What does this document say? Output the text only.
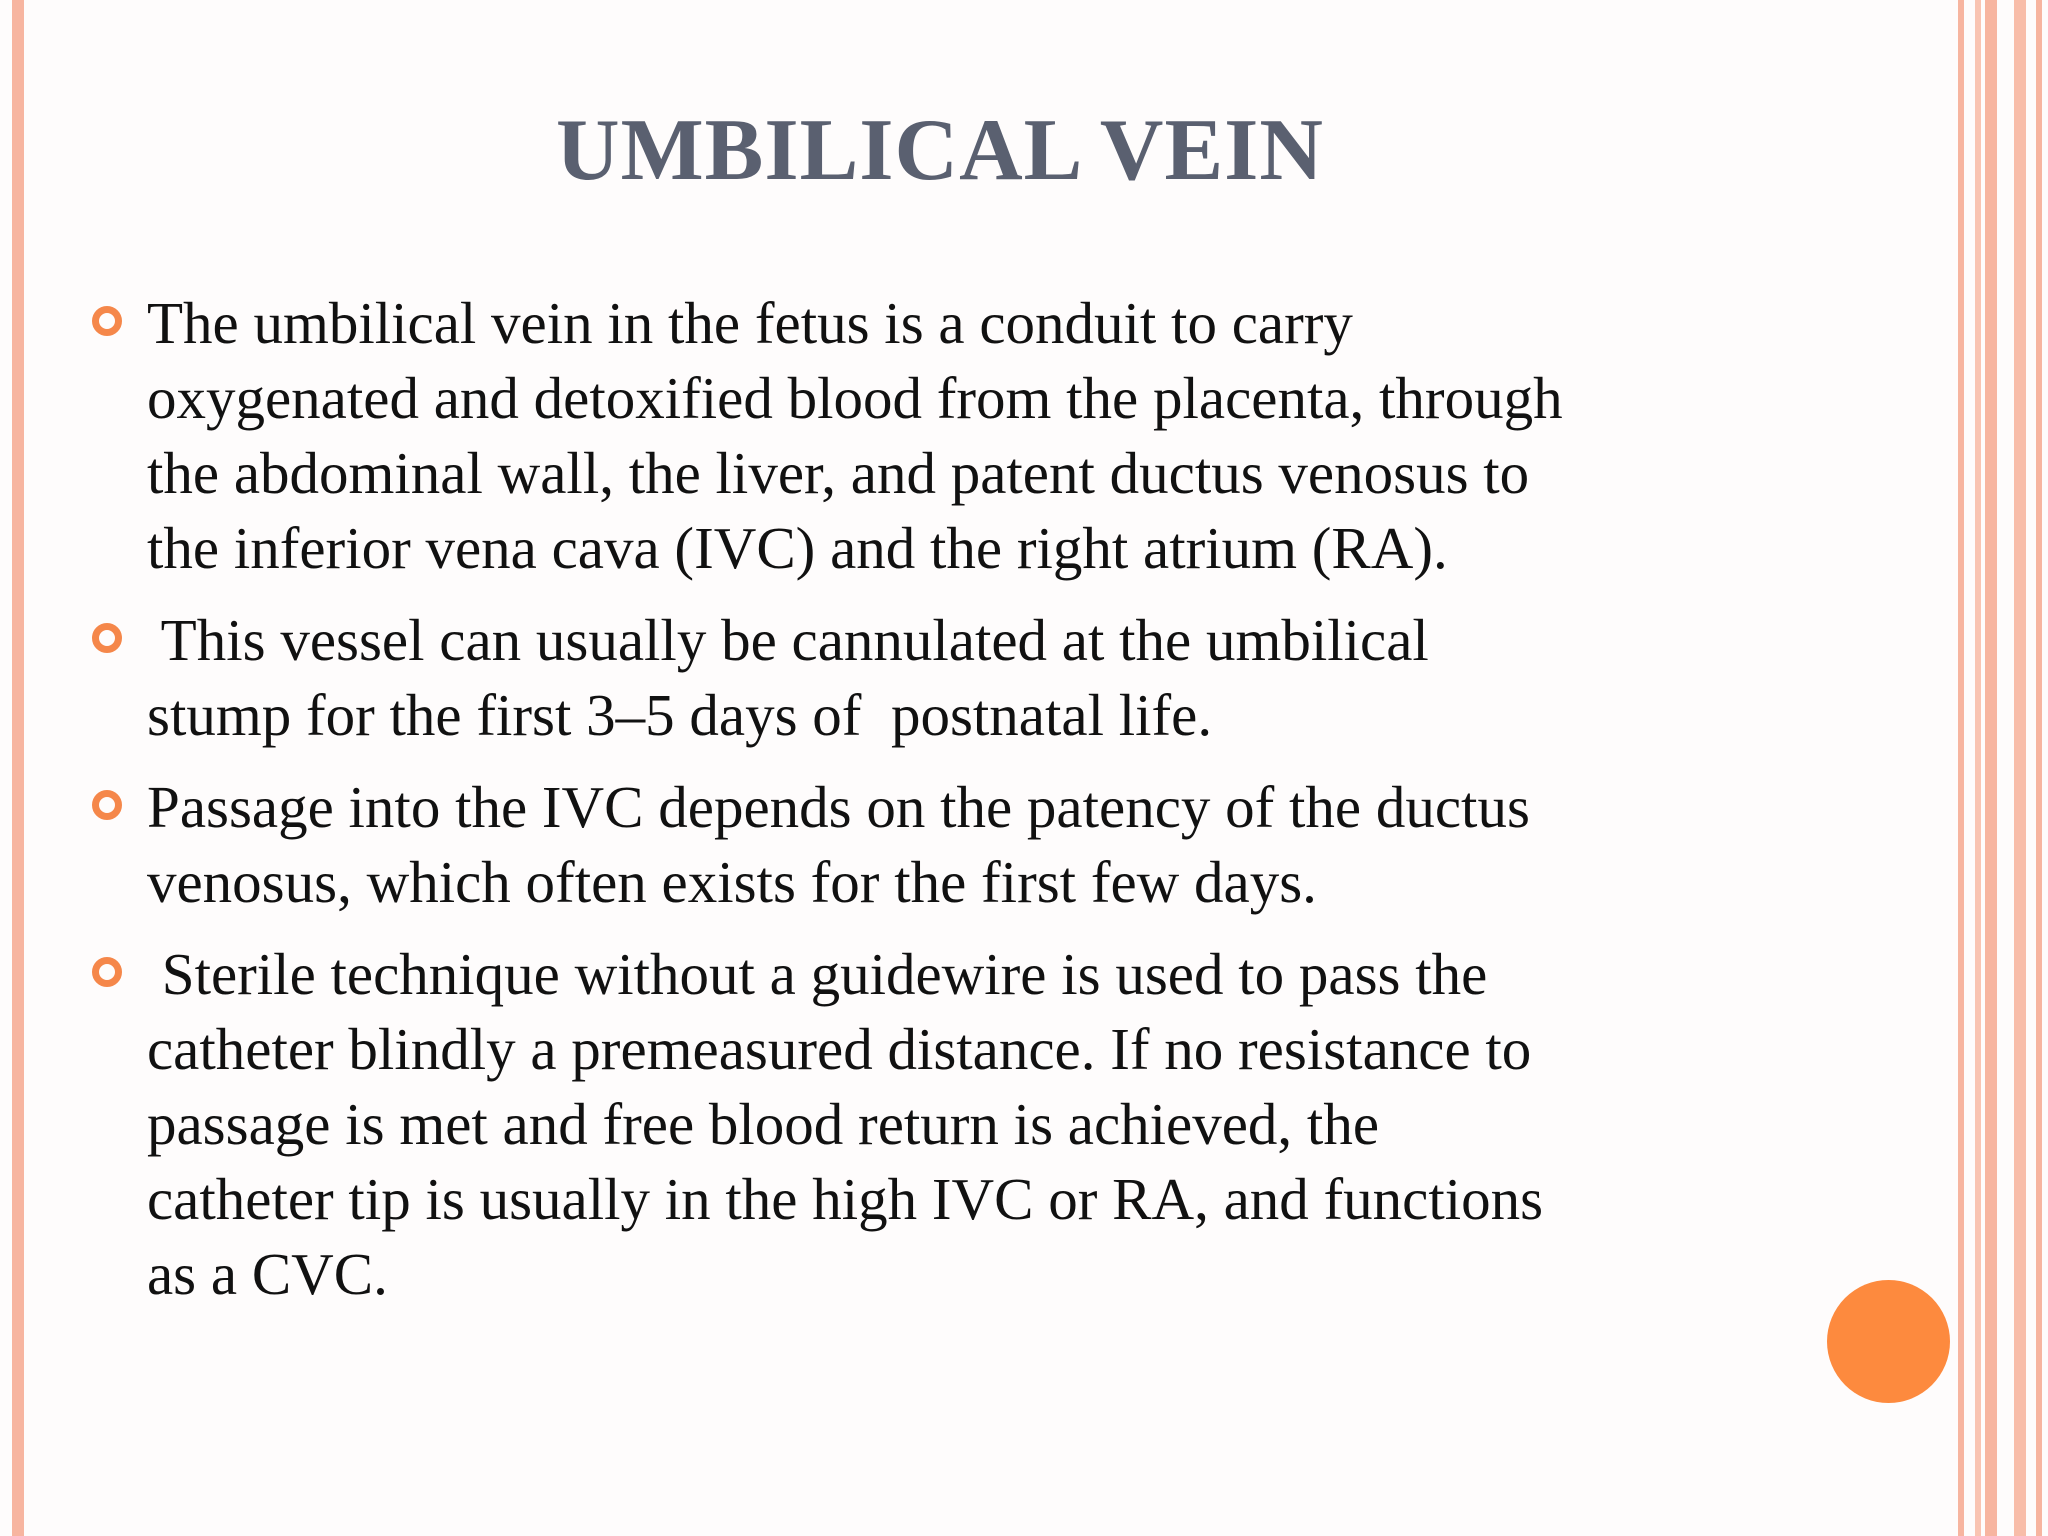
UMBILICAL VEIN
The umbilical vein in the fetus is a conduit to carry
oxygenated and detoxified blood from the placenta, through
the abdominal wall, the liver, and patent ductus venosus to
the inferior vena cava (IVC) and the right atrium (RA).
This vessel can usually be cannulated at the umbilical
stump for the first 3–5 days of  postnatal life.
Passage into the IVC depends on the patency of the ductus
venosus, which often exists for the first few days.
Sterile technique without a guidewire is used to pass the
catheter blindly a premeasured distance. If no resistance to
passage is met and free blood return is achieved, the
catheter tip is usually in the high IVC or RA, and functions
as a CVC.
